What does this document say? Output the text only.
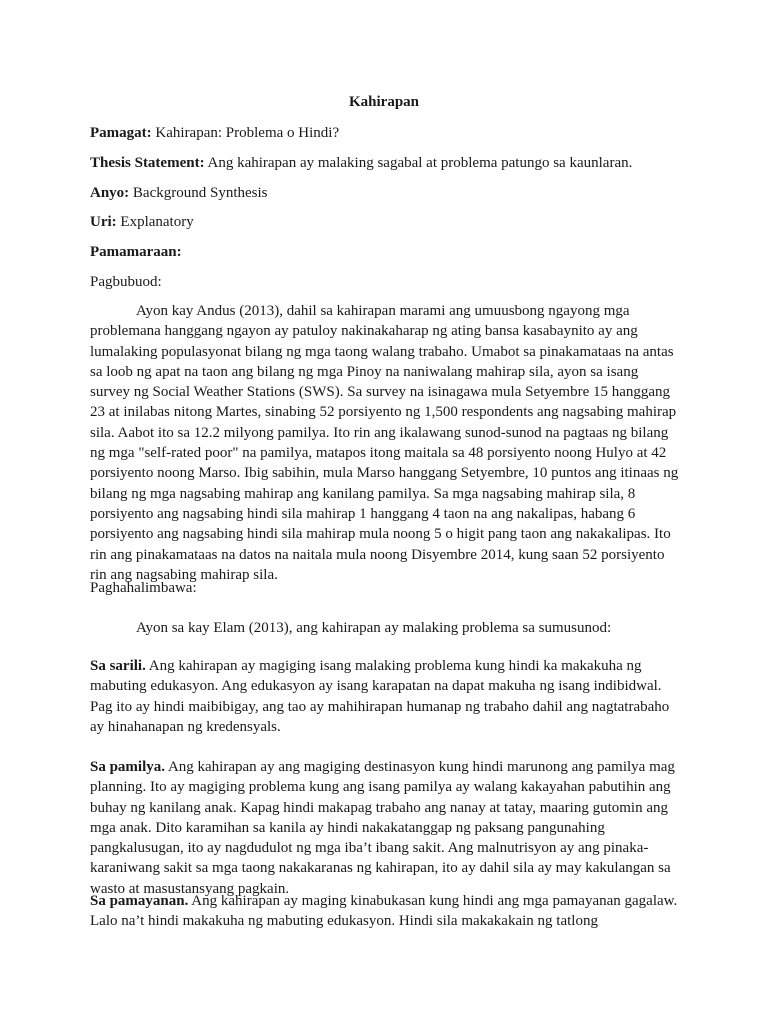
Kahirapan
Pamagat: Kahirapan: Problema o Hindi?
Thesis Statement: Ang kahirapan ay malaking sagabal at problema patungo sa kaunlaran.
Anyo: Background Synthesis
Uri: Explanatory
Pamamaraan:
Pagbubuod:

Ayon kay Andus (2013), dahil sa kahirapan marami ang umuusbong ngayong mga problemana hanggang ngayon ay patuloy nakinakaharap ng ating bansa kasabaynito ay ang lumalaking populasyonat bilang ng mga taong walang trabaho. Umabot sa pinakamataas na antas sa loob ng apat na taon ang bilang ng mga Pinoy na naniwalang mahirap sila, ayon sa isang survey ng Social Weather Stations (SWS). Sa survey na isinagawa mula Setyembre 15 hanggang 23 at inilabas nitong Martes, sinabing 52 porsiyento ng 1,500 respondents ang nagsabing mahirap sila. Aabot ito sa 12.2 milyong pamilya. Ito rin ang ikalawang sunod-sunod na pagtaas ng bilang ng mga "self-rated poor" na pamilya, matapos itong maitala sa 48 porsiyento noong Hulyo at 42 porsiyento noong Marso. Ibig sabihin, mula Marso hanggang Setyembre, 10 puntos ang itinaas ng bilang ng mga nagsabing mahirap ang kanilang pamilya. Sa mga nagsabing mahirap sila, 8 porsiyento ang nagsabing hindi sila mahirap 1 hanggang 4 taon na ang nakalipas, habang 6 porsiyento ang nagsabing hindi sila mahirap mula noong 5 o higit pang taon ang nakakalipas. Ito rin ang pinakamataas na datos na naitala mula noong Disyembre 2014, kung saan 52 porsiyento rin ang nagsabing mahirap sila.

Paghahalimbawa:
Ayon sa kay Elam (2013), ang kahirapan ay malaking problema sa sumusunod:

Sa sarili. Ang kahirapan ay magiging isang malaking problema kung hindi ka makakuha ng mabuting edukasyon. Ang edukasyon ay isang karapatan na dapat makuha ng isang indibidwal. Pag ito ay hindi maibibigay, ang tao ay mahihirapan humanap ng trabaho dahil ang nagtatrabaho ay hinahanapan ng kredensyals.

Sa pamilya. Ang kahirapan ay ang magiging destinasyon kung hindi marunong ang pamilya mag planning. Ito ay magiging problema kung ang isang pamilya ay walang kakayahan pabutihin ang buhay ng kanilang anak. Kapag hindi makapag trabaho ang nanay at tatay, maaring gutomin ang mga anak. Dito karamihan sa kanila ay hindi nakakatanggap ng paksang pangunahing pangkalusugan, ito ay nagdudulot ng mga iba’t ibang sakit. Ang malnutrisyon ay ang pinaka-karaniwang sakit sa mga taong nakakaranas ng kahirapan, ito ay dahil sila ay may kakulangan sa wasto at masustansyang pagkain.

Sa pamayanan. Ang kahirapan ay maging kinabukasan kung hindi ang mga pamayanan gagalaw. Lalo na’t hindi makakuha ng mabuting edukasyon. Hindi sila makakakain ng tatlong
